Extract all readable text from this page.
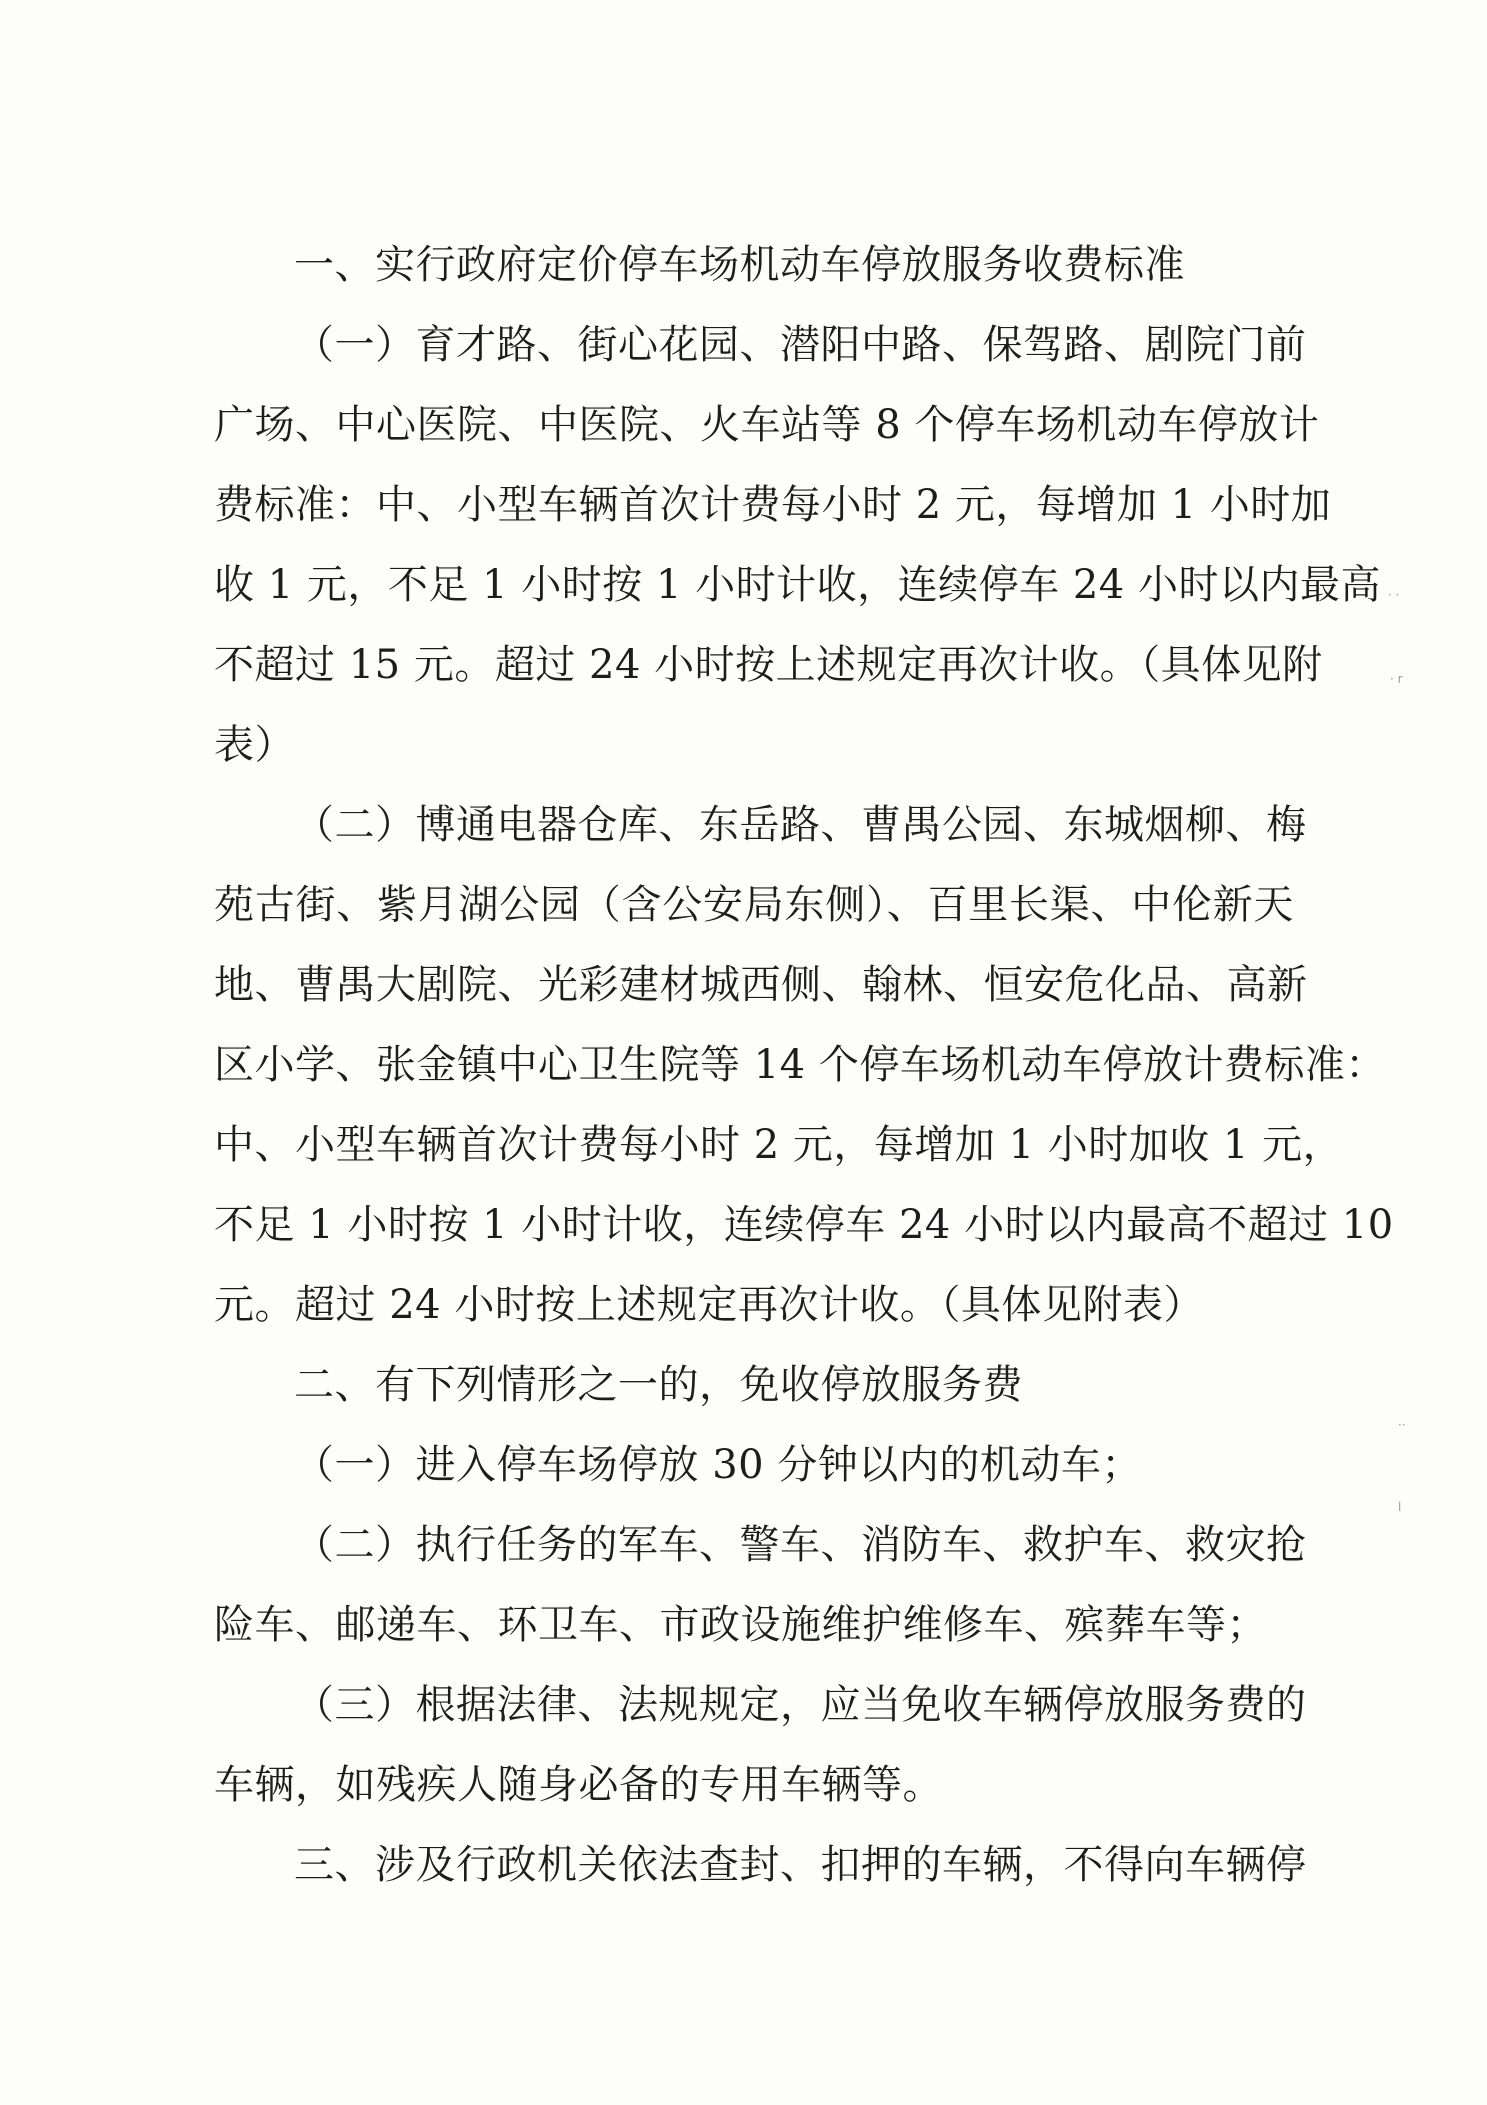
一、实行政府定价停车场机动车停放服务收费标准
（一）育才路、街心花园、潜阳中路、保驾路、剧院门前
广场、中心医院、中医院、火车站等 8 个停车场机动车停放计
费标准：中、小型车辆首次计费每小时 2 元，每增加 1 小时加
收 1 元，不足 1 小时按 1 小时计收，连续停车 24 小时以内最高
不超过 15 元。超过 24 小时按上述规定再次计收。（具体见附
表）
（二）博通电器仓库、东岳路、曹禺公园、东城烟柳、梅
苑古街、紫月湖公园（含公安局东侧）、百里长渠、中伦新天
地、曹禺大剧院、光彩建材城西侧、翰林、恒安危化品、高新
区小学、张金镇中心卫生院等 14 个停车场机动车停放计费标准：
中、小型车辆首次计费每小时 2 元，每增加 1 小时加收 1 元，
不足 1 小时按 1 小时计收，连续停车 24 小时以内最高不超过 10
元。超过 24 小时按上述规定再次计收。（具体见附表）
二、有下列情形之一的，免收停放服务费
（一）进入停车场停放 30 分钟以内的机动车；
（二）执行任务的军车、警车、消防车、救护车、救灾抢
险车、邮递车、环卫车、市政设施维护维修车、殡葬车等；
（三）根据法律、法规规定，应当免收车辆停放服务费的
车辆，如残疾人随身必备的专用车辆等。
三、涉及行政机关依法查封、扣押的车辆，不得向车辆停
· ·
· r
··
l
